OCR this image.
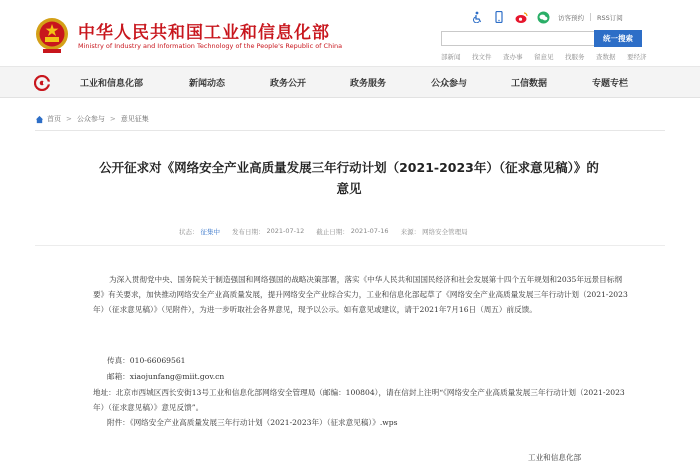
中华人民共和国工业和信息化部
Ministry of Industry and Information Technology of the People's Republic of China
访客预约 RSS订阅
统一搜索
部新闻 找文件 查办事 留意见 找服务 查数据 要经济
工业和信息化部	新闻动态	政务公开	政务服务	公众参与	工信数据	专题专栏
首页 > 公众参与 > 意见征集
公开征求对《网络安全产业高质量发展三年行动计划（2021-2023年）（征求意见稿）》的意见
状态： 征集中 发布日期： 2021-07-12 截止日期： 2021-07-16 来源： 网络安全管理局
为深入贯彻党中央、国务院关于制造强国和网络强国的战略决策部署，落实《中华人民共和国国民经济和社会发展第十四个五年规划和2035年远景目标纲要》有关要求，加快推动网络安全产业高质量发展，提升网络安全产业综合实力，工业和信息化部起草了《网络安全产业高质量发展三年行动计划（2021-2023年）（征求意见稿）》（见附件），为进一步听取社会各界意见，现予以公示。如有意见或建议，请于2021年7月16日（周五）前反馈。
传真：010-66069561
邮箱：xiaojunfang@miit.gov.cn
地址：北京市西城区西长安街13号工业和信息化部网络安全管理局（邮编：100804），请在信封上注明“《网络安全产业高质量发展三年行动计划（2021-2023年）（征求意见稿）》意见反馈”。
附件：《网络安全产业高质量发展三年行动计划（2021-2023年）（征求意见稿）》.wps
工业和信息化部
